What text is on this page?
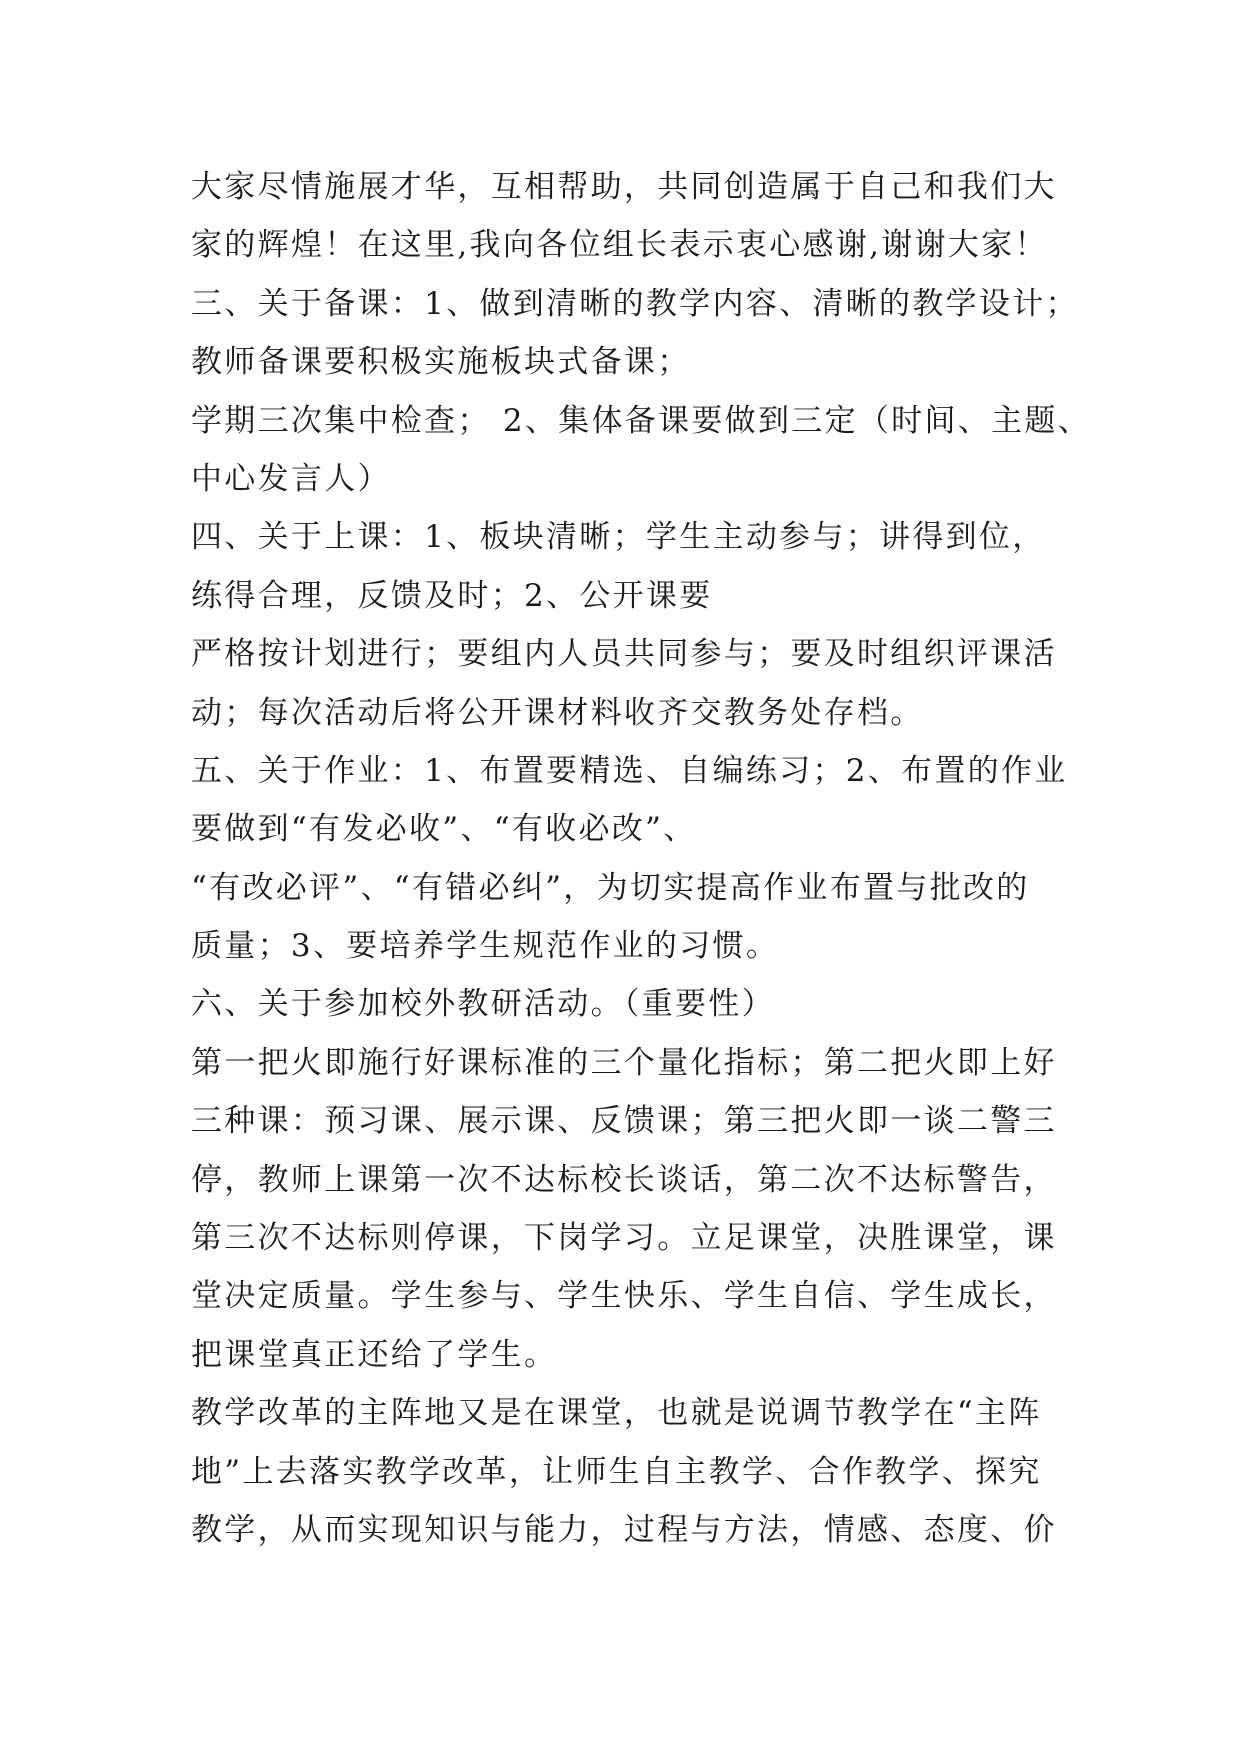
大家尽情施展才华，互相帮助，共同创造属于自己和我们大
家的辉煌！在这里,我向各位组长表示衷心感谢,谢谢大家！
三、关于备课：1、做到清晰的教学内容、清晰的教学设计；
教师备课要积极实施板块式备课；
学期三次集中检查； 2、集体备课要做到三定（时间、主题、
中心发言人）
四、关于上课：1、板块清晰；学生主动参与；讲得到位，
练得合理，反馈及时；2、公开课要
严格按计划进行；要组内人员共同参与；要及时组织评课活
动；每次活动后将公开课材料收齐交教务处存档。
五、关于作业：1、布置要精选、自编练习；2、布置的作业
要做到“有发必收”、“有收必改”、
“有改必评”、“有错必纠”，为切实提高作业布置与批改的
质量；3、要培养学生规范作业的习惯。
六、关于参加校外教研活动。（重要性）
第一把火即施行好课标准的三个量化指标；第二把火即上好
三种课：预习课、展示课、反馈课；第三把火即一谈二警三
停，教师上课第一次不达标校长谈话，第二次不达标警告，
第三次不达标则停课，下岗学习。立足课堂，决胜课堂，课
堂决定质量。学生参与、学生快乐、学生自信、学生成长，
把课堂真正还给了学生。
教学改革的主阵地又是在课堂，也就是说调节教学在“主阵
地”上去落实教学改革，让师生自主教学、合作教学、探究
教学，从而实现知识与能力，过程与方法，情感、态度、价
